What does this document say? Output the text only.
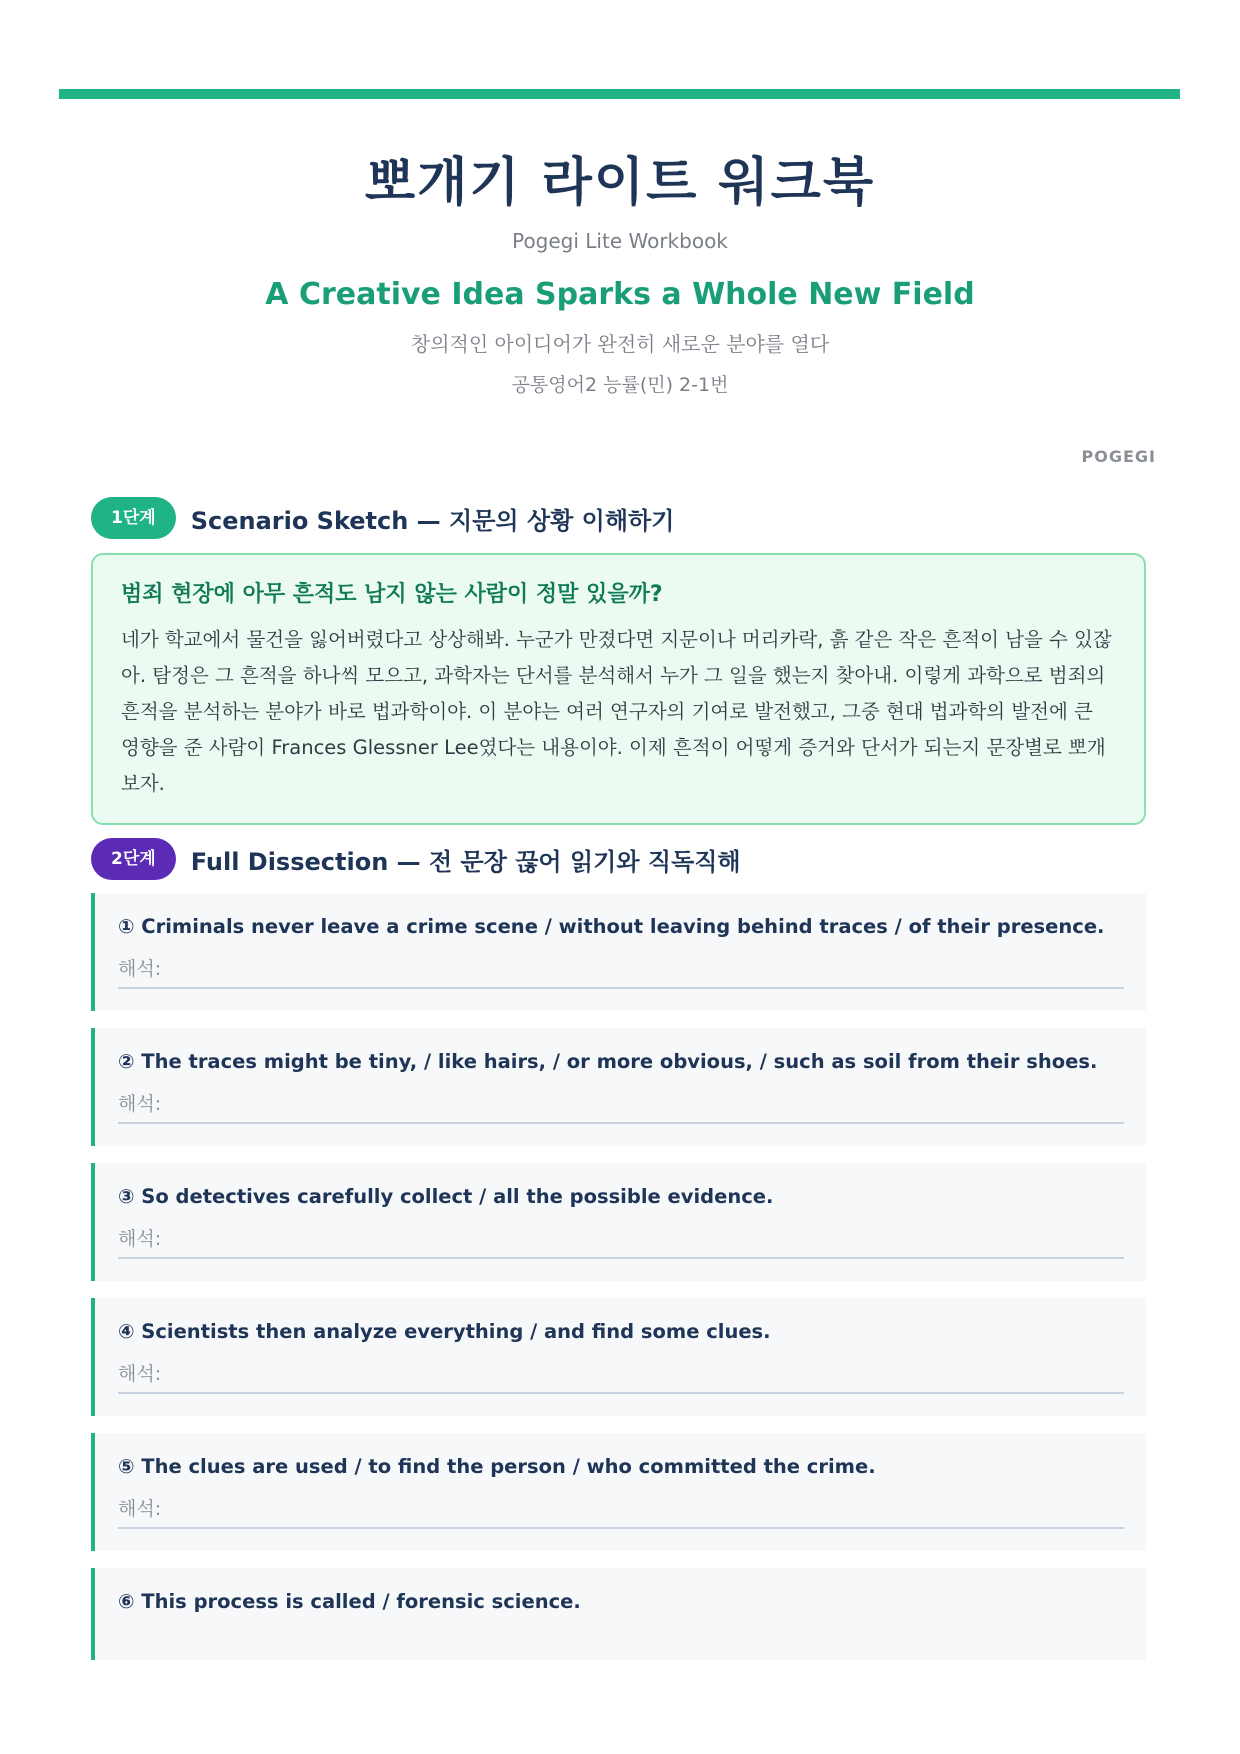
뽀개기 라이트 워크북
Pogegi Lite Workbook
A Creative Idea Sparks a Whole New Field
창의적인 아이디어가 완전히 새로운 분야를 열다
공통영어2 능률(민) 2-1번
POGEGI
1단계	Scenario Sketch — 지문의 상황 이해하기
범죄 현장에 아무 흔적도 남지 않는 사람이 정말 있을까?
네가 학교에서 물건을 잃어버렸다고 상상해봐. 누군가 만졌다면 지문이나 머리카락, 흙 같은 작은 흔적이 남을 수 있잖아. 탐정은 그 흔적을 하나씩 모으고, 과학자는 단서를 분석해서 누가 그 일을 했는지 찾아내. 이렇게 과학으로 범죄의 흔적을 분석하는 분야가 바로 법과학이야. 이 분야는 여러 연구자의 기여로 발전했고, 그중 현대 법과학의 발전에 큰 영향을 준 사람이 Frances Glessner Lee였다는 내용이야. 이제 흔적이 어떻게 증거와 단서가 되는지 문장별로 뽀개 보자.
2단계	Full Dissection — 전 문장 끊어 읽기와 직독직해
① Criminals never leave a crime scene / without leaving behind traces / of their presence.
해석:
② The traces might be tiny, / like hairs, / or more obvious, / such as soil from their shoes.
해석:
③ So detectives carefully collect / all the possible evidence.
해석:
④ Scientists then analyze everything / and find some clues.
해석:
⑤ The clues are used / to find the person / who committed the crime.
해석:
⑥ This process is called / forensic science.
